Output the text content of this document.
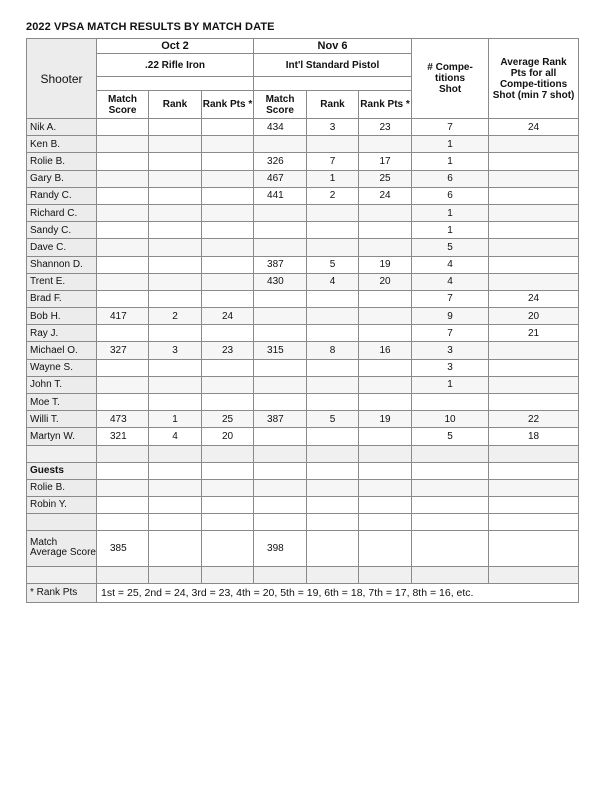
2022 VPSA MATCH RESULTS BY MATCH DATE
Shooter	Oct 2			Nov 6			# Compe-titions Shot	Average Rank Pts for all Compe-titions Shot (min 7 shot)
	.22 Rifle Iron			Int'l Standard Pistol				

	Match Score	Rank	Rank Pts *	Match Score	Rank	Rank Pts *		
Nik A.				434	3	23	7	24
Ken B.							1	
Rolie B.				326	7	17	1	
Gary B.				467	1	25	6	
Randy C.				441	2	24	6	
Richard C.							1	
Sandy C.							1	
Dave C.							5	
Shannon D.				387	5	19	4	
Trent E.				430	4	20	4	
Brad F.							7	24
Bob H.	417	2	24				9	20
Ray J.							7	21
Michael O.	327	3	23	315	8	16	3	
Wayne S.							3	
John T.							1	
Moe T.								
Willi T.	473	1	25	387	5	19	10	22
Martyn W.	321	4	20				5	18

Guests								
Rolie B.								
Robin Y.								

Match Average Score	385			398				

* Rank Pts	1st = 25, 2nd = 24, 3rd = 23, 4th = 20, 5th = 19, 6th = 18, 7th = 17, 8th = 16, etc.							
